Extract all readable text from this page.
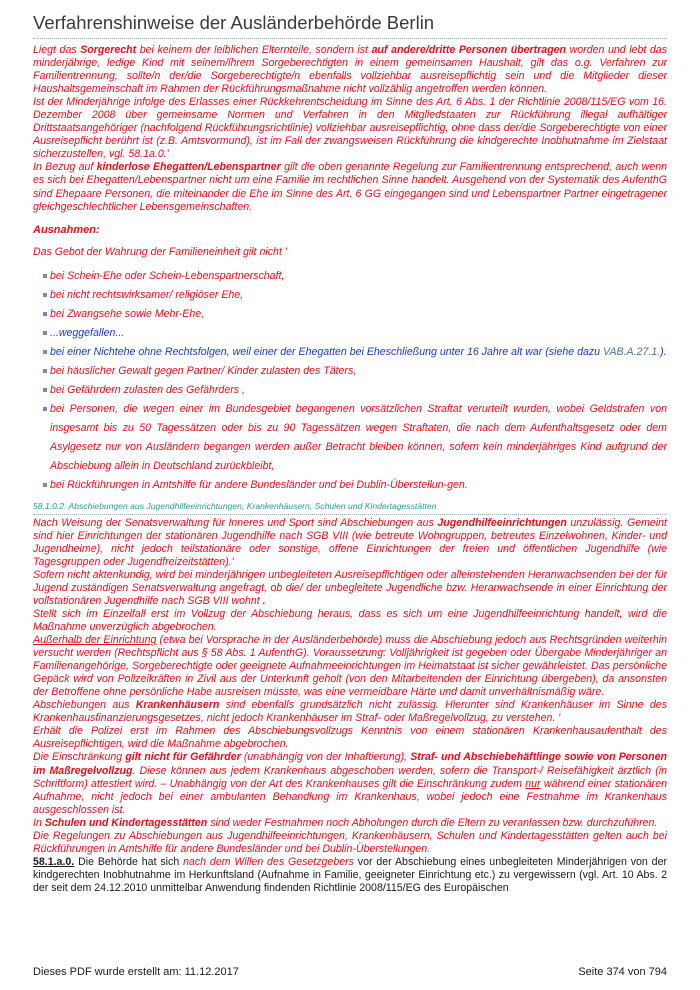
Verfahrenshinweise der Ausländerbehörde Berlin

Liegt das Sorgerecht bei keinem der leiblichen Elternteile, sondern ist auf andere/dritte Personen übertragen worden und lebt das minderjährige, ledige Kind mit seinem/ihrem Sorgeberechtigten in einem gemeinsamen Haushalt, gilt das o.g. Verfahren zur Familientrennung, sollte/n der/die Sorgeberechtigte/n ebenfalls vollziehbar ausreisepflichtig sein und die Mitglieder dieser Haushaltsgemeinschaft im Rahmen der Rückführungsmaßnahme nicht vollzählig angetroffen werden können.

Ist der Minderjährige infolge des Erlasses einer Rückkehrentscheidung im Sinne des Art. 6 Abs. 1 der Richtlinie 2008/115/EG vom 16. Dezember 2008 über gemeinsame Normen und Verfahren in den Mitgliedstaaten zur Rückführung illegal aufhältiger Drittstaatsangehöriger (nachfolgend Rückführungsrichtlinie) vollziehbar ausreisepflichtig, ohne dass der/die Sorgeberechtigte von einer Ausreisepflicht berührt ist (z.B. Amtsvormund), ist im Fall der zwangsweisen Rückführung die kindgerechte Inobhutnahme im Zielstaat sicherzustellen, vgl. 58.1a.0.'

In Bezug auf kinderlose Ehegatten/Lebenspartner gilt die oben genannte Regelung zur Familientrennung entsprechend, auch wenn es sich bei Ehegatten/Lebenspartner nicht um eine Familie im rechtlichen Sinne handelt. Ausgehend von der Systematik des AufenthG sind Ehepaare Personen, die miteinander die Ehe im Sinne des Art. 6 GG eingegangen sind und Lebenspartner Partner eingetragener gleichgeschlechtlicher Lebensgemeinschaften.

Ausnahmen:

Das Gebot der Wahrung der Familieneinheit gilt nicht '

bei Schein-Ehe oder Schein-Lebenspartnerschaft,
bei nicht rechtswirksamer/ religiöser Ehe,
bei Zwangsehe sowie Mehr-Ehe,
...weggefallen...
bei einer Nichtehe ohne Rechtsfolgen, weil einer der Ehegatten bei Eheschließung unter 16 Jahre alt war (siehe dazu VAB.A.27.1.).
bei häuslicher Gewalt gegen Partner/ Kinder zulasten des Täters,
bei Gefährdern zulasten des Gefährders ,
bei Personen, die wegen einer im Bundesgebiet begangenen vorsätzlichen Straftat verurteilt wurden, wobei Geldstrafen von insgesamt bis zu 50 Tagessätzen oder bis zu 90 Tagessätzen wegen Straftaten, die nach dem Aufenthaltsgesetz oder dem Asylgesetz nur von Ausländern begangen werden außer Betracht bleiben können, sofern kein minderjähriges Kind aufgrund der Abschiebung allein in Deutschland zurückbleibt,
bei Rückführungen in Amtshilfe für andere Bundesländer und bei Dublin-Überstellun-gen.
58.1.0.2. Abschiebungen aus Jugendhilfeeinrichtungen, Krankenhäusern, Schulen und Kindertagesstätten

Nach Weisung der Senatsverwaltung für Inneres und Sport sind Abschiebungen aus Jugendhilfeeinrichtungen unzulässig. Gemeint sind hier Einrichtungen der stationären Jugendhilfe nach SGB VIII (wie betreute Wohngruppen, betreutes Einzelwohnen, Kinder- und Jugendheime), nicht jedoch teilstationäre oder sonstige, offene Einrichtungen der freien und öffentlichen Jugendhilfe (wie Tagesgruppen oder Jugendfreizeitstätten).'

Sofern nicht aktenkundig, wird bei minderjährigen unbegleiteten Ausreisepflichtigen oder alleinstehenden Heranwachsenden bei der für Jugend zuständigen Senatsverwaltung angefragt, ob die/ der unbegleitete Jugendliche bzw. Heranwachsende in einer Einrichtung der vollstationären Jugendhilfe nach SGB VIII wohnt .

Stellt sich im Einzelfall erst im Vollzug der Abschiebung heraus, dass es sich um eine Jugendhilfeeinrichtung handelt, wird die Maßnahme unverzüglich abgebrochen.

Außerhalb der Einrichtung (etwa bei Vorsprache in der Ausländerbehörde) muss die Abschiebung jedoch aus Rechtsgründen weiterhin versucht werden (Rechtspflicht aus § 58 Abs. 1 AufenthG). Voraussetzung: Volljährigkeit ist gegeben oder Übergabe Minderjähriger an Familienangehörige, Sorgeberechtigte oder geeignete Aufnahmeeinrichtungen im Heimatstaat ist sicher gewährleistet. Das persönliche Gepäck wird von Polizeikräften in Zivil aus der Unterkunft geholt (von den Mitarbeitenden der Einrichtung übergeben), da ansonsten der Betroffene ohne persönliche Habe ausreisen müsste, was eine vermeidbare Härte und damit unverhältnismäßig wäre.

Abschiebungen aus Krankenhäusern sind ebenfalls grundsätzlich nicht zulässig. Hierunter sind Krankenhäuser im Sinne des Krankenhausfinanzierungsgesetzes, nicht jedoch Krankenhäuser im Straf- oder Maßregelvollzug, zu verstehen. '

Erhält die Polizei erst im Rahmen des Abschiebungsvollzugs Kenntnis von einem stationären Krankenhausaufenthalt des Ausreisepflichtigen, wird die Maßnahme abgebrochen.

Die Einschränkung gilt nicht für Gefährder (unabhängig von der Inhaftierung), Straf- und Abschiebehäftlinge sowie von Personen im Maßregelvollzug. Diese können aus jedem Krankenhaus abgeschoben werden, sofern die Transport-/ Reisefähigkeit ärztlich (in Schriftform) attestiert wird. – Unabhängig von der Art des Krankenhauses gilt die Einschränkung zudem nur während einer stationären Aufnahme, nicht jedoch bei einer ambulanten Behandlung im Krankenhaus, wobei jedoch eine Festnahme im Krankenhaus ausgeschlossen ist.

In Schulen und Kindertagesstätten sind weder Festnahmen noch Abholungen durch die Eltern zu veranlassen bzw. durchzuführen.

Die Regelungen zu Abschiebungen aus Jugendhilfeeinrichtungen, Krankenhäusern, Schulen und Kindertagesstätten gelten auch bei Rückführungen in Amtshilfe für andere Bundesländer und bei Dublin-Überstellungen.

58.1.a.0. Die Behörde hat sich nach dem Willen des Gesetzgebers vor der Abschiebung eines unbegleiteten Minderjährigen von der kindgerechten Inobhutnahme im Herkunftsland (Aufnahme in Familie, geeigneter Einrichtung etc.) zu vergewissern (vgl. Art. 10 Abs. 2 der seit dem 24.12.2010 unmittelbar Anwendung findenden Richtlinie 2008/115/EG des Europäischen

Dieses PDF wurde erstellt am: 11.12.2017	Seite 374 von 794
